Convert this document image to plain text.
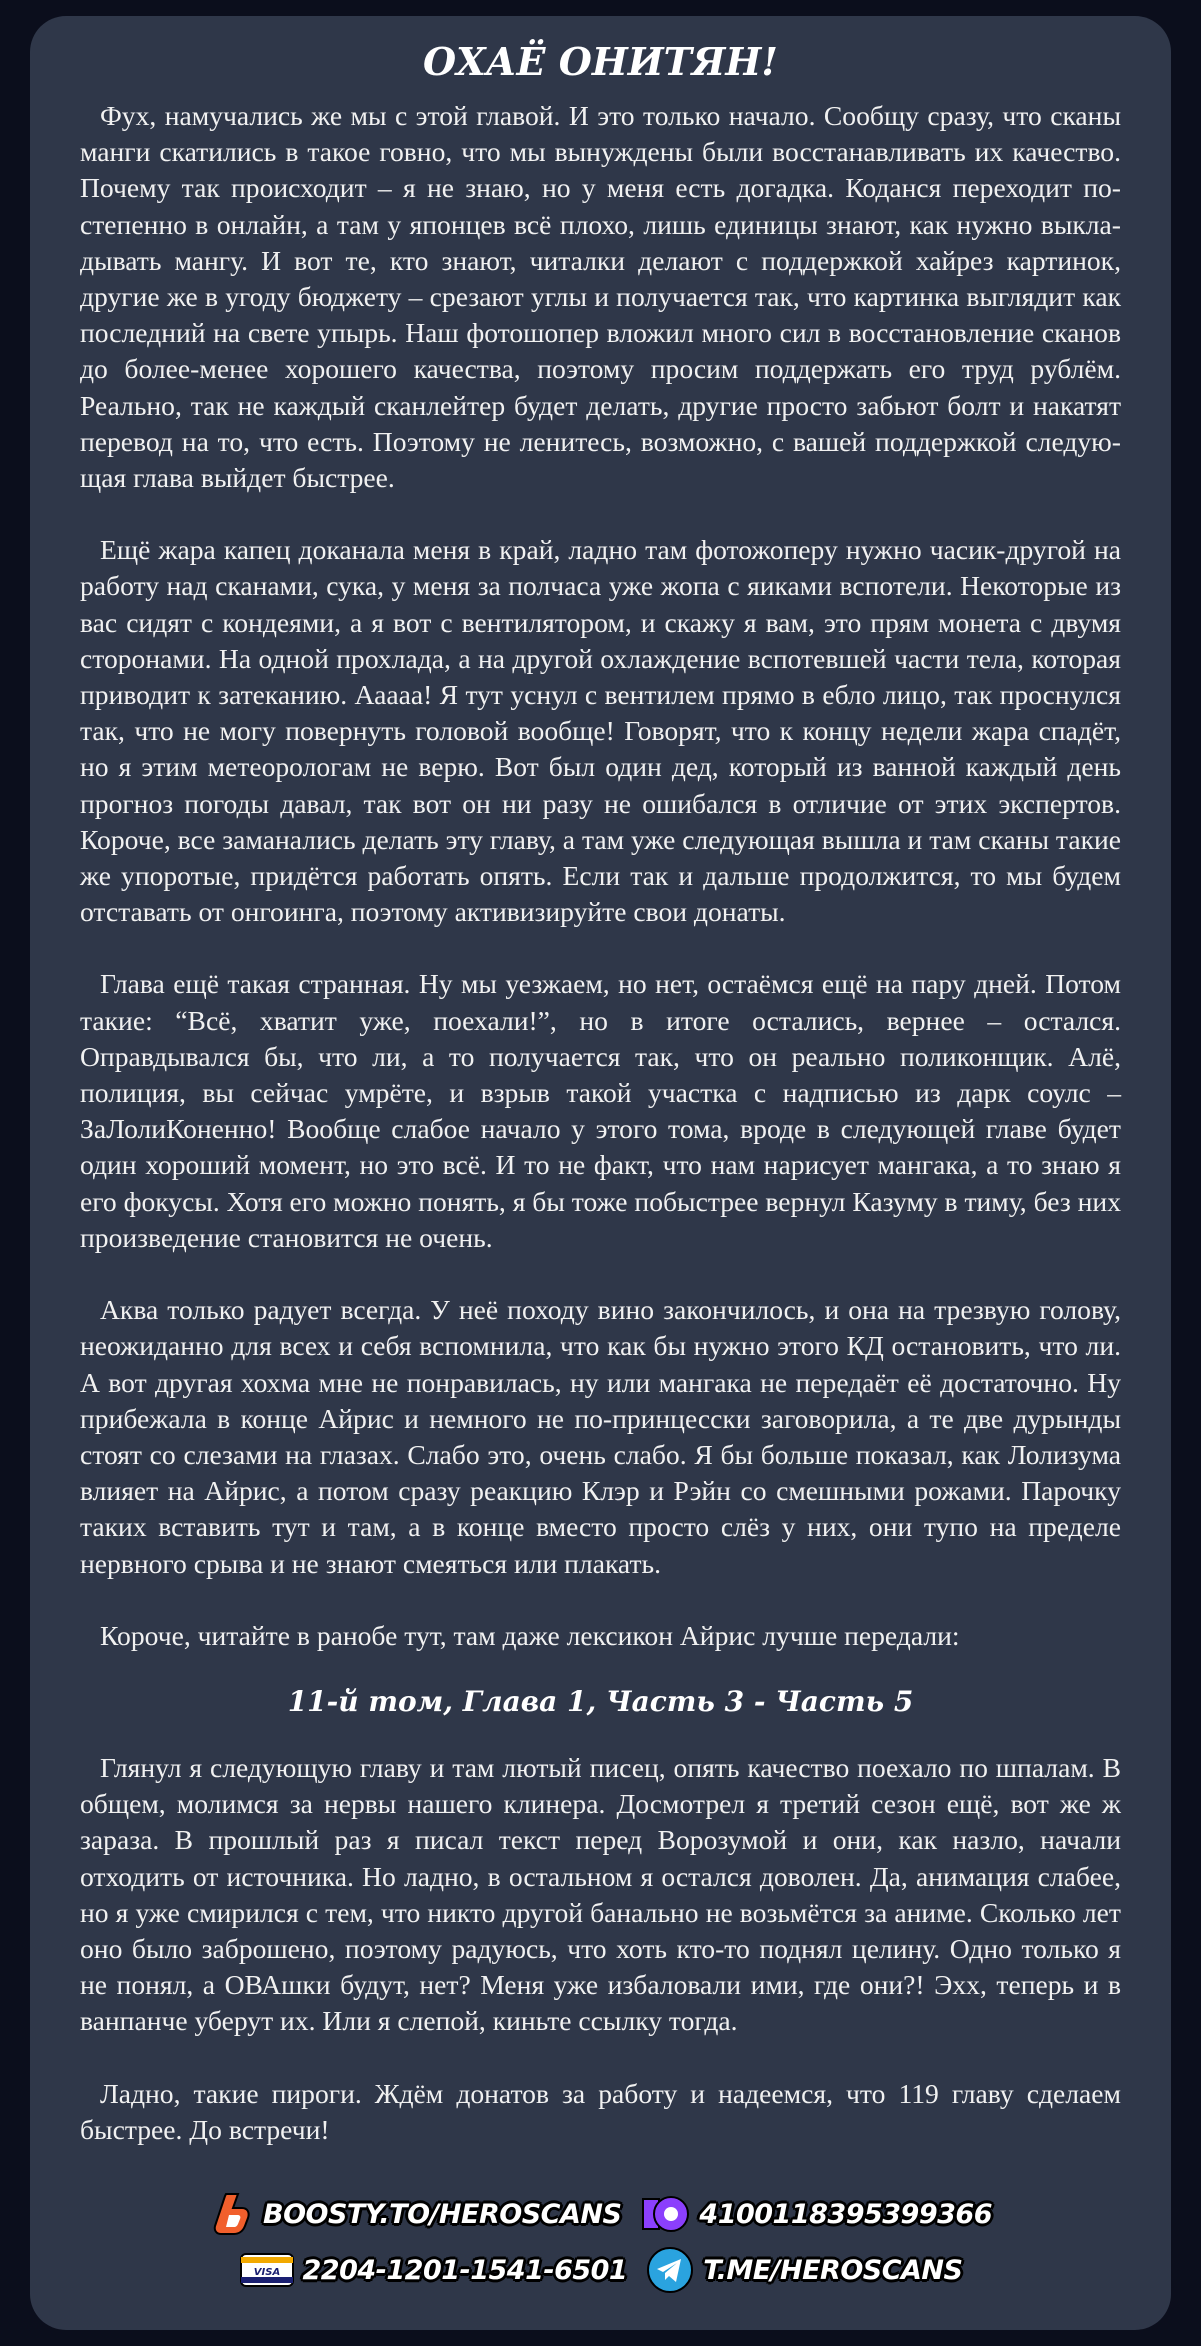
ОХАЁ ОНИТЯН!

Фух, намучались же мы с этой главой. И это только начало. Сообщу сразу, что сканы манги скатились в такое говно, что мы вынуждены были восстанавливать их качество. Почему так происходит – я не знаю, но у меня есть догадка. Коданся переходит постепенно в онлайн, а там у японцев всё плохо, лишь единицы знают, как нужно выкладывать мангу. И вот те, кто знают, читалки делают с поддержкой хайрез картинок, другие же в угоду бюджету – срезают углы и получается так, что картинка выглядит как последний на свете упырь. Наш фотошопер вложил много сил в восстановление сканов до более-менее хорошего качества, поэтому просим поддержать его труд рублём. Реально, так не каждый сканлейтер будет делать, другие просто забьют болт и накатят перевод на то, что есть. Поэтому не ленитесь, возможно, с вашей поддержкой следующая глава выйдет быстрее.

Ещё жара капец доканала меня в край, ладно там фотожоперу нужно часик-другой на работу над сканами, сука, у меня за полчаса уже жопа с яиками вспотели. Некоторые из вас сидят с кондеями, а я вот с вентилятором, и скажу я вам, это прям монета с двумя сторонами. На одной прохлада, а на другой охлаждение вспотевшей части тела, которая приводит к затеканию. Ааааа! Я тут уснул с вентилем прямо в ебло лицо, так проснулся так, что не могу повернуть головой вообще! Говорят, что к концу недели жара спадёт, но я этим метеорологам не верю. Вот был один дед, который из ванной каждый день прогноз погоды давал, так вот он ни разу не ошибался в отличие от этих экспертов. Короче, все заманались делать эту главу, а там уже следующая вышла и там сканы такие же упоротые, придётся работать опять. Если так и дальше продолжится, то мы будем отставать от онгоинга, поэтому активизируйте свои донаты.

Глава ещё такая странная. Ну мы уезжаем, но нет, остаёмся ещё на пару дней. Потом такие: “Всё, хватит уже, поехали!”, но в итоге остались, вернее – остался. Оправдывался бы, что ли, а то получается так, что он реально поликонщик. Алё, полиция, вы сейчас умрёте, и взрыв такой участка с надписью из дарк соулс – ЗаЛолиКоненно! Вообще слабое начало у этого тома, вроде в следующей главе будет один хороший момент, но это всё. И то не факт, что нам нарисует мангака, а то знаю я его фокусы. Хотя его можно понять, я бы тоже побыстрее вернул Казуму в тиму, без них произведение становится не очень.

Аква только радует всегда. У неё походу вино закончилось, и она на трезвую голову, неожиданно для всех и себя вспомнила, что как бы нужно этого КД остановить, что ли. А вот другая хохма мне не понравилась, ну или мангака не передаёт её достаточно. Ну прибежала в конце Айрис и немного не по-принцесски заговорила, а те две дурынды стоят со слезами на глазах. Слабо это, очень слабо. Я бы больше показал, как Лолизума влияет на Айрис, а потом сразу реакцию Клэр и Рэйн со смешными рожами. Парочку таких вставить тут и там, а в конце вместо просто слёз у них, они тупо на пределе нервного срыва и не знают смеяться или плакать.

Короче, читайте в ранобе тут, там даже лексикон Айрис лучше передали:

11-й том, Глава 1, Часть 3 - Часть 5

Глянул я следующую главу и там лютый писец, опять качество поехало по шпалам. В общем, молимся за нервы нашего клинера. Досмотрел я третий сезон ещё, вот же ж зараза. В прошлый раз я писал текст перед Ворозумой и они, как назло, начали отходить от источника. Но ладно, в остальном я остался доволен. Да, анимация слабее, но я уже смирился с тем, что никто другой банально не возьмётся за аниме. Сколько лет оно было заброшено, поэтому радуюсь, что хоть кто-то поднял целину. Одно только я не понял, а ОВАшки будут, нет? Меня уже избаловали ими, где они?! Эхх, теперь и в ванпанче уберут их. Или я слепой, киньте ссылку тогда.

Ладно, такие пироги. Ждём донатов за работу и надеемся, что 119 главу сделаем быстрее. До встречи!

BOOSTY.TO/HEROSCANS	4100118395399366
VISA 2204-1201-1541-6501	T.ME/HEROSCANS
